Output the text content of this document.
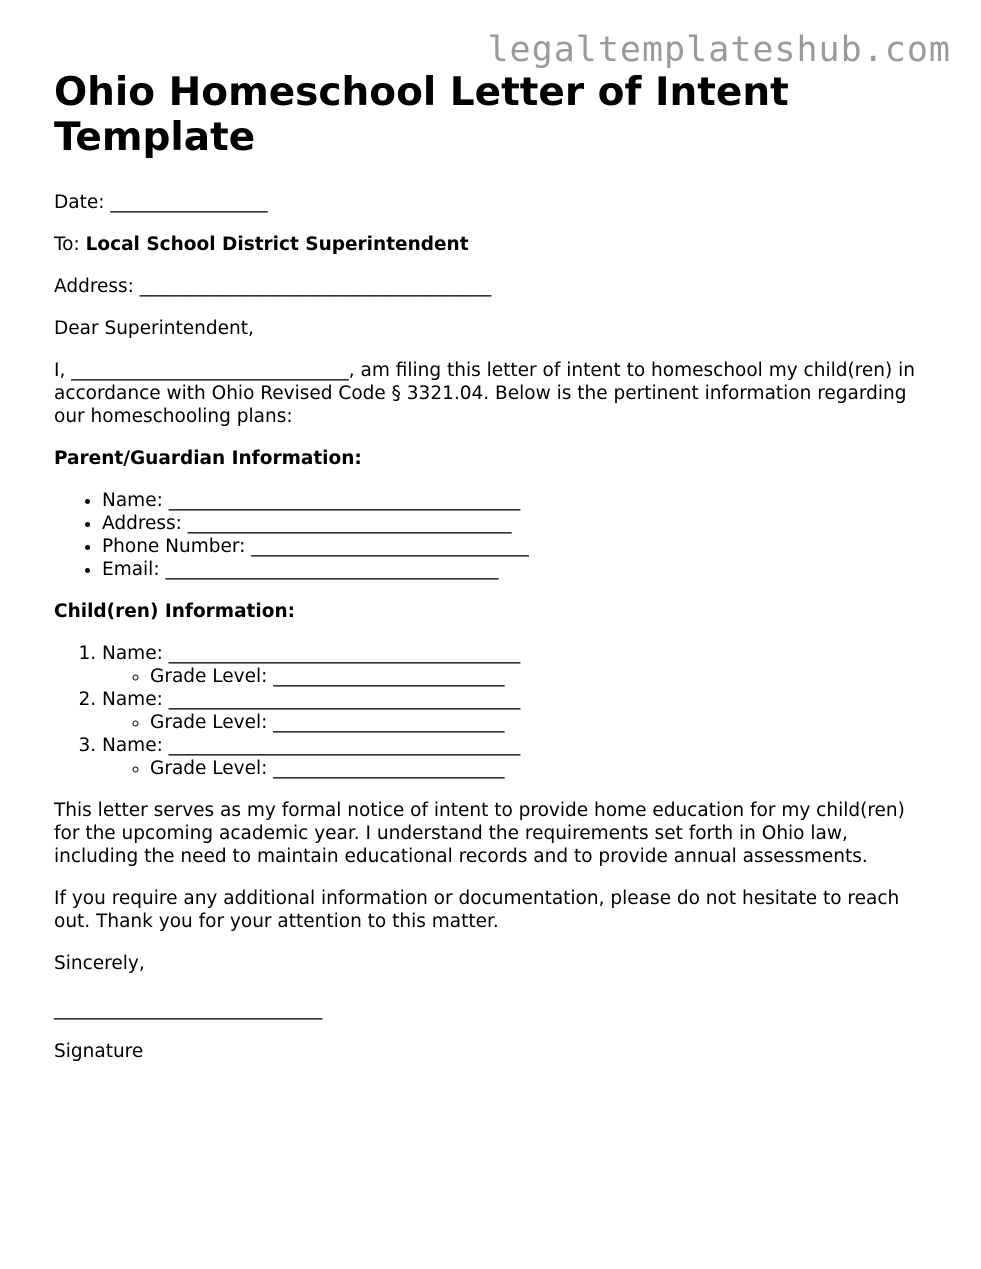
legaltemplateshub.com
Ohio Homeschool Letter of Intent Template

Date: _________________

To: Local School District Superintendent

Address: ______________________________________

Dear Superintendent,

I, ______________________________, am filing this letter of intent to homeschool my child(ren) in accordance with Ohio Revised Code § 3321.04. Below is the pertinent information regarding our homeschooling plans:

Parent/Guardian Information:

• Name: ______________________________________
• Address: ___________________________________
• Phone Number: ______________________________
• Email: ____________________________________

Child(ren) Information:

1. Name: ______________________________________
◦ Grade Level: _________________________
2. Name: ______________________________________
◦ Grade Level: _________________________
3. Name: ______________________________________
◦ Grade Level: _________________________

This letter serves as my formal notice of intent to provide home education for my child(ren) for the upcoming academic year. I understand the requirements set forth in Ohio law, including the need to maintain educational records and to provide annual assessments.

If you require any additional information or documentation, please do not hesitate to reach out. Thank you for your attention to this matter.

Sincerely,

_____________________________

Signature
